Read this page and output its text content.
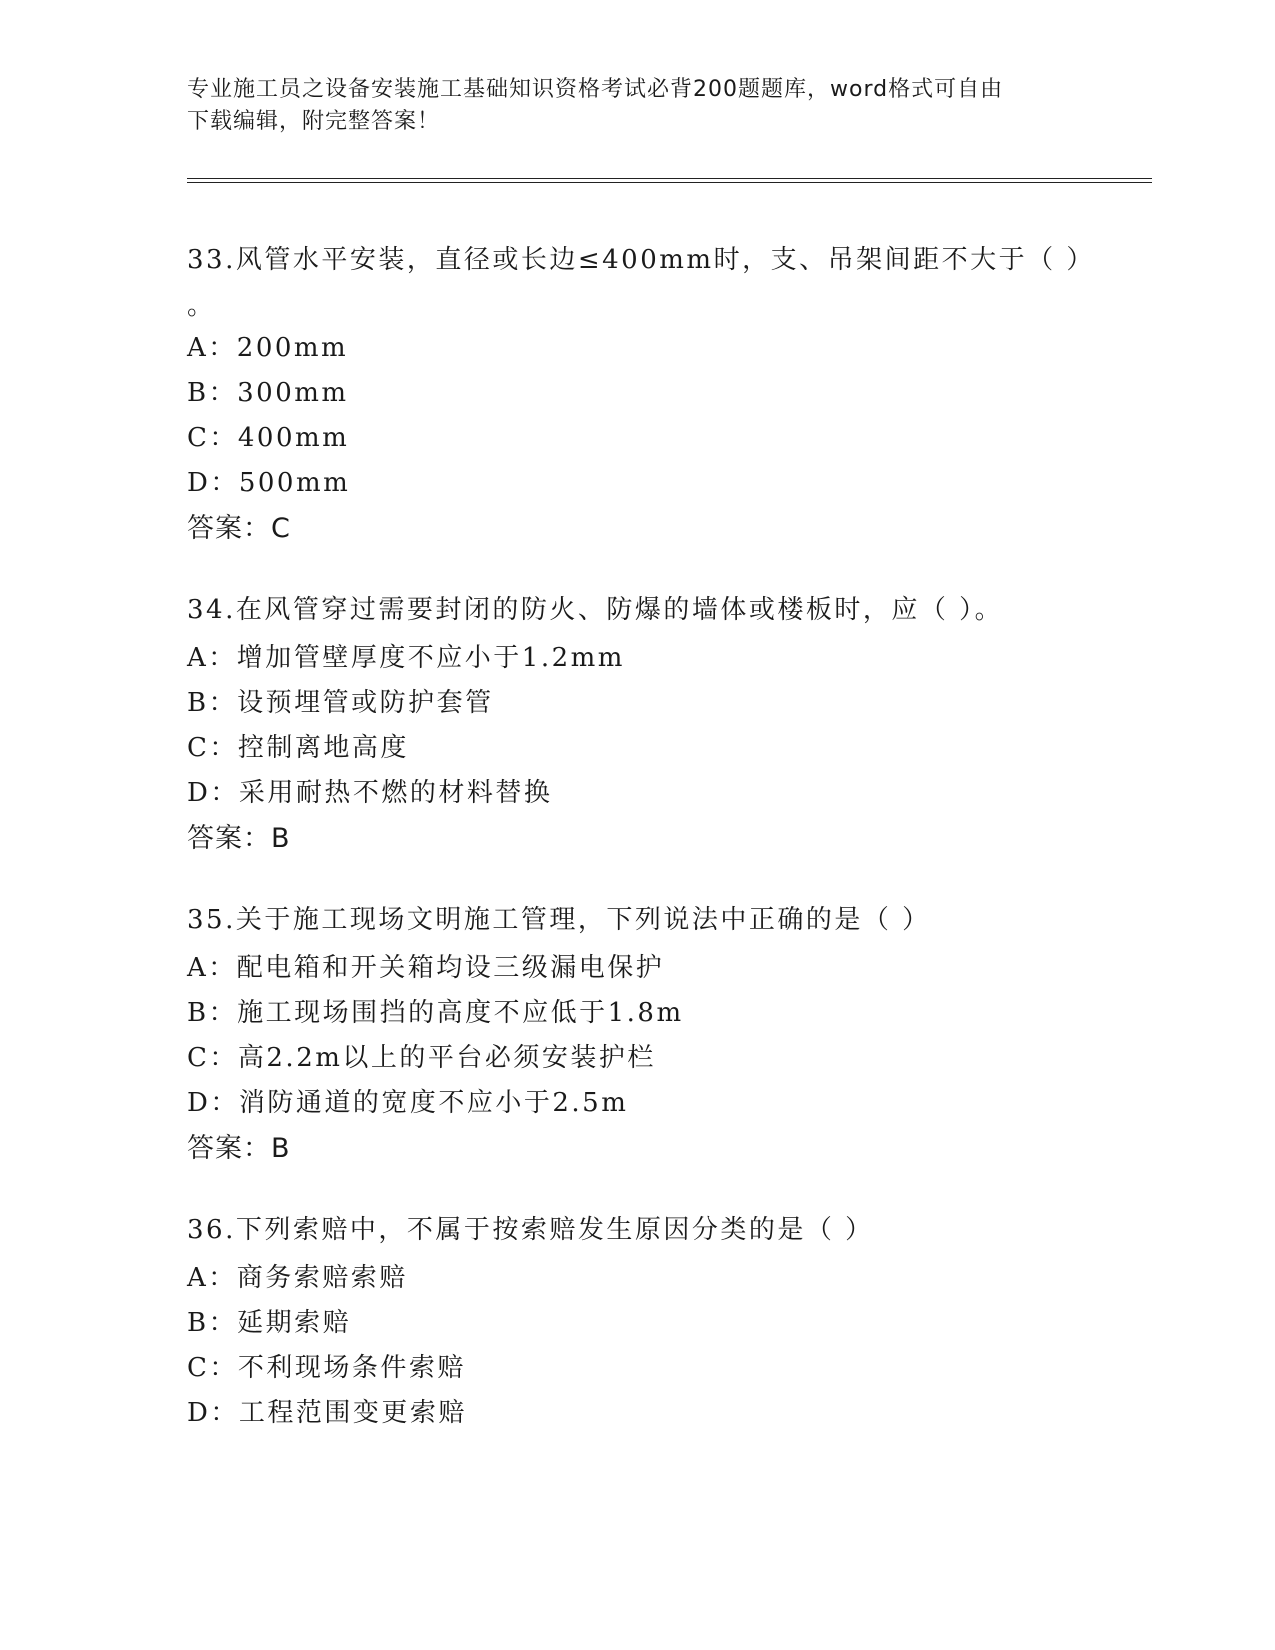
专业施工员之设备安装施工基础知识资格考试必背200题题库，word格式可自由
下载编辑，附完整答案！
33.风管水平安装，直径或长边≤400mm时，支、吊架间距不大于（ ）
。
A：200mm
B：300mm
C：400mm
D：500mm
答案：C
34.在风管穿过需要封闭的防火、防爆的墙体或楼板时，应（ ）。
A：增加管壁厚度不应小于1.2mm
B：设预埋管或防护套管
C：控制离地高度
D：采用耐热不燃的材料替换
答案：B
35.关于施工现场文明施工管理，下列说法中正确的是（ ）
A：配电箱和开关箱均设三级漏电保护
B：施工现场围挡的高度不应低于1.8m
C：高2.2m以上的平台必须安装护栏
D：消防通道的宽度不应小于2.5m
答案：B
36.下列索赔中，不属于按索赔发生原因分类的是（ ）
A：商务索赔索赔
B：延期索赔
C：不利现场条件索赔
D：工程范围变更索赔
